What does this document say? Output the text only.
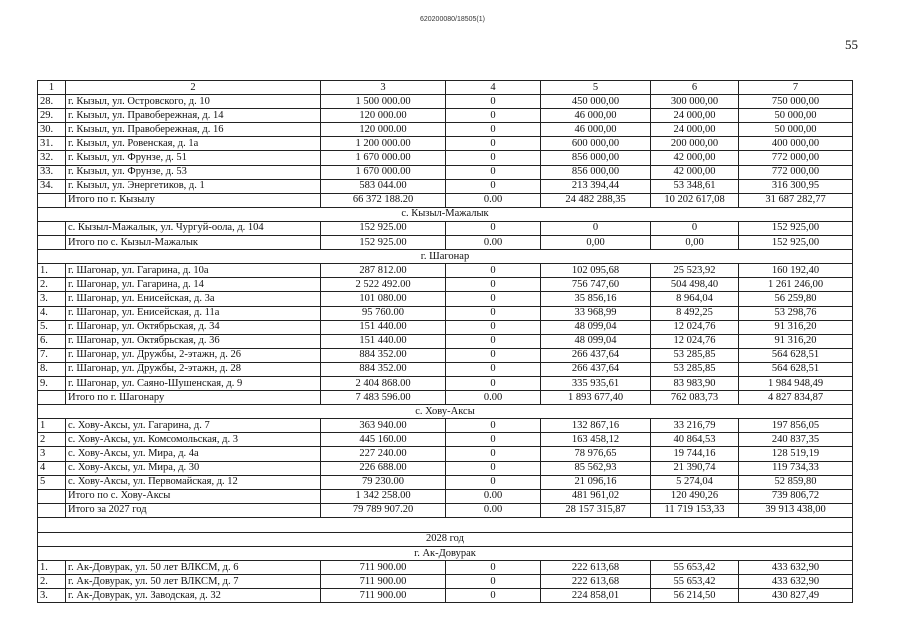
620200080/18505(1)
55
1	2	3	4	5	6	7
28.	г. Кызыл, ул. Островского, д. 10	1 500 000.00	0	450 000,00	300 000,00	750 000,00
29.	г. Кызыл, ул. Правобережная, д. 14	120 000.00	0	46 000,00	24 000,00	50 000,00
30.	г. Кызыл, ул. Правобережная, д. 16	120 000.00	0	46 000,00	24 000,00	50 000,00
31.	г. Кызыл, ул. Ровенская, д. 1а	1 200 000.00	0	600 000,00	200 000,00	400 000,00
32.	г. Кызыл, ул. Фрунзе, д. 51	1 670 000.00	0	856 000,00	42 000,00	772 000,00
33.	г. Кызыл, ул. Фрунзе, д. 53	1 670 000.00	0	856 000,00	42 000,00	772 000,00
34.	г. Кызыл, ул. Энергетиков, д. 1	583 044.00	0	213 394,44	53 348,61	316 300,95
	Итого по г. Кызылу	66 372 188.20	0.00	24 482 288,35	10 202 617,08	31 687 282,77
с. Кызыл-Мажалык						
	с. Кызыл-Мажалык, ул. Чургуй-оола, д. 104	152 925.00	0	0	0	152 925,00
	Итого по с. Кызыл-Мажалык	152 925.00	0.00	0,00	0,00	152 925,00
г. Шагонар						
1.	г. Шагонар, ул. Гагарина, д. 10а	287 812.00	0	102 095,68	25 523,92	160 192,40
2.	г. Шагонар, ул. Гагарина, д. 14	2 522 492.00	0	756 747,60	504 498,40	1 261 246,00
3.	г. Шагонар, ул. Енисейская, д. 3а	101 080.00	0	35 856,16	8 964,04	56 259,80
4.	г. Шагонар, ул. Енисейская, д. 11а	95 760.00	0	33 968,99	8 492,25	53 298,76
5.	г. Шагонар, ул. Октябрьская, д. 34	151 440.00	0	48 099,04	12 024,76	91 316,20
6.	г. Шагонар, ул. Октябрьская, д. 36	151 440.00	0	48 099,04	12 024,76	91 316,20
7.	г. Шагонар, ул. Дружбы, 2-этажн, д. 26	884 352.00	0	266 437,64	53 285,85	564 628,51
8.	г. Шагонар, ул. Дружбы, 2-этажн, д. 28	884 352.00	0	266 437,64	53 285,85	564 628,51
9.	г. Шагонар, ул. Саяно-Шушенская, д. 9	2 404 868.00	0	335 935,61	83 983,90	1 984 948,49
	Итого по г. Шагонару	7 483 596.00	0.00	1 893 677,40	762 083,73	4 827 834,87
с. Хову-Аксы						
1	с. Хову-Аксы, ул. Гагарина, д. 7	363 940.00	0	132 867,16	33 216,79	197 856,05
2	с. Хову-Аксы, ул. Комсомольская, д. 3	445 160.00	0	163 458,12	40 864,53	240 837,35
3	с. Хову-Аксы, ул. Мира, д. 4а	227 240.00	0	78 976,65	19 744,16	128 519,19
4	с. Хову-Аксы, ул. Мира, д. 30	226 688.00	0	85 562,93	21 390,74	119 734,33
5	с. Хову-Аксы, ул. Первомайская, д. 12	79 230.00	0	21 096,16	5 274,04	52 859,80
	Итого по с. Хову-Аксы	1 342 258.00	0.00	481 961,02	120 490,26	739 806,72
	Итого за 2027 год	79 789 907.20	0.00	28 157 315,87	11 719 153,33	39 913 438,00

2028 год						
г. Ак-Довурак						
1.	г. Ак-Довурак, ул. 50 лет ВЛКСМ, д. 6	711 900.00	0	222 613,68	55 653,42	433 632,90
2.	г. Ак-Довурак, ул. 50 лет ВЛКСМ, д. 7	711 900.00	0	222 613,68	55 653,42	433 632,90
3.	г. Ак-Довурак, ул. Заводская, д. 32	711 900.00	0	224 858,01	56 214,50	430 827,49
